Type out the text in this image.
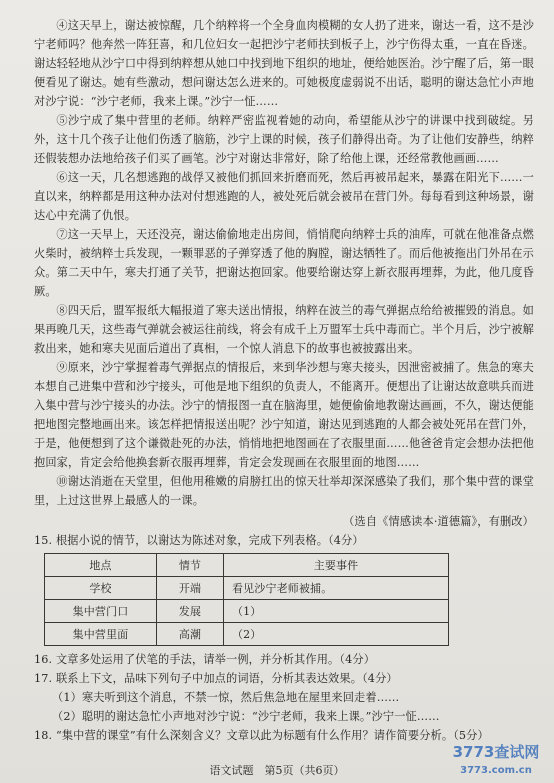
④这天早上，谢达被惊醒，几个纳粹将一个全身血肉模糊的女人扔了进来，谢达一看，这不是沙宁老师吗？他奔然一阵狂喜，和几位妇女一起把沙宁老师扶到板子上，沙宁伤得太重，一直在昏迷。谢达轻轻地从沙宁口中得到纳粹想从她口中找到地下组织的地址，便给她医治。沙宁醒了后，第一眼便看见了谢达。她有些激动，想问谢达怎么进来的。可她极度虚弱说不出话，聪明的谢达急忙小声地对沙宁说：“沙宁老师，我来上课。”沙宁一怔……

⑤沙宁成了集中营里的老师。纳粹严密监视着她的动向，希望能从沙宁的讲课中找到破绽。另外，这十几个孩子让他们伤透了脑筋，沙宁上课的时候，孩子们静得出奇。为了让他们安静些，纳粹还假装想办法地给孩子们买了画笔。沙宁对谢达非常好，除了给他上课，还经常教他画画……

⑥这一天，几名想逃跑的战俘又被他们抓回来折磨而死，然后再被吊起来，暴露在阳光下……一直以来，纳粹都是用这种办法对付想逃跑的人，被处死后就会被吊在营门外。每每看到这种场景，谢达心中充满了仇恨。

⑦这一天早上，天还没亮，谢达偷偷地走出房间，悄悄爬向纳粹士兵的油库，可就在他准备点燃火柴时，被纳粹士兵发现，一颗罪恶的子弹穿透了他的胸膛，谢达牺牲了。而后他被拖出门外吊在示众。第二天中午，寒夫打通了关节，把谢达抱回家。他要给谢达穿上新衣服再埋葬，为此，他几度昏厥。

⑧四天后，盟军报纸大幅报道了寒夫送出情报，纳粹在波兰的毒气弹据点给给被摧毁的消息。如果再晚几天，这些毒气弹就会被运往前线，将会有成千上万盟军士兵中毒而亡。半个月后，沙宁被解救出来，她和寒夫见面后道出了真相，一个惊人消息下的故事也被披露出来。

⑨原来，沙宁掌握着毒气弹据点的情报后，来到华沙想与寒夫接头，因泄密被捕了。焦急的寒夫本想自己进集中营和沙宁接头，可他是地下组织的负责人，不能离开。便想出了让谢达故意哄兵而进入集中营与沙宁接头的办法。沙宁的情报图一直在脑海里，她便偷偷地教谢达画画，不久，谢达便能把地图完整地画出来。该怎样把情报送出呢？沙宁知道，谢达见到逃跑的人都会被处死吊在营门外，于是，他便想到了这个谦微赴死的办法，悄悄地把地图画在了衣服里面……他爸爸肯定会想办法把他抱回家，肯定会给他换套新衣服再埋葬，肯定会发现画在衣服里面的地图……

⑩谢达消逝在天堂里，但他用稚嫩的肩膀扛出的惊天壮举却深深感染了我们，那个集中营的课堂里，上过这世界上最感人的一课。

（选自《情感读本·道德篇》，有删改）

15. 根据小说的情节，以谢达为陈述对象，完成下列表格。（4分）

地点	情节	主要事件
学校	开端	看见沙宁老师被捕。
集中营门口	发展	（1）
集中营里面	高潮	（2）

16. 文章多处运用了伏笔的手法，请举一例，并分析其作用。（4分）

17. 联系上下文，品味下列句子中加点的词语，分析其表达效果。（4分）

（1）寒夫听到这个消息，不禁一惊，然后焦急地在屋里来回走着……

（2）聪明的谢达急忙小声地对沙宁说：“沙宁老师，我来上课。”沙宁一怔……

18. “集中营的课堂”有什么深刻含义？文章以此为标题有什么作用？请作简要分析。（5分）

语文试题　第5页（共6页）
3773查试网
3773.com.cn
